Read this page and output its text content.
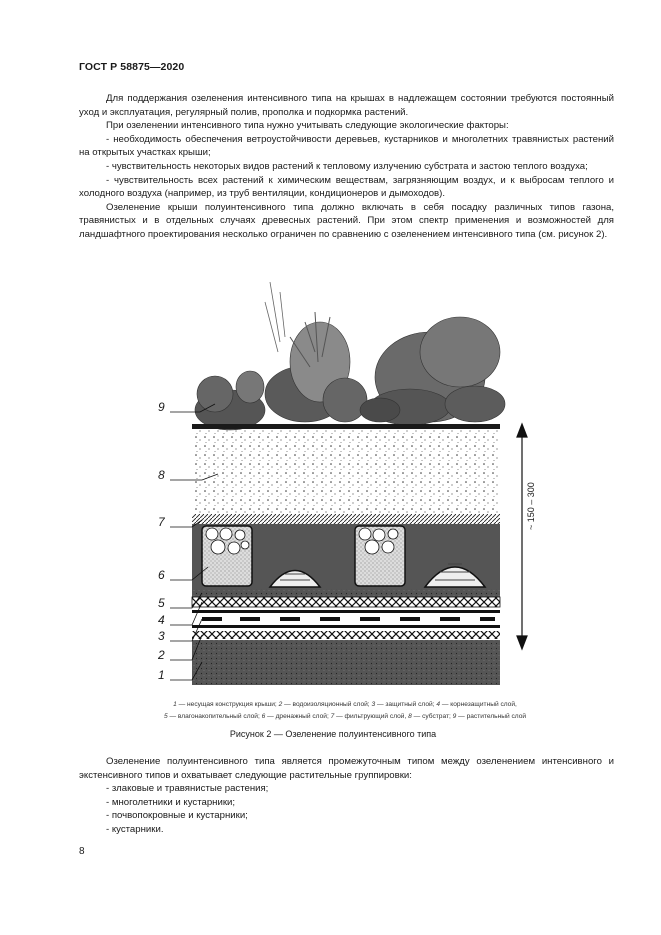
ГОСТ Р 58875—2020

Для поддержания озеленения интенсивного типа на крышах в надлежащем состоянии требуются постоянный уход и эксплуатация, регулярный полив, прополка и подкормка растений.

При озеленении интенсивного типа нужно учитывать следующие экологические факторы:

- необходимость обеспечения ветроустойчивости деревьев, кустарников и многолетних травянистых растений на открытых участках крыши;

- чувствительность некоторых видов растений к тепловому излучению субстрата и застою теплого воздуха;

- чувствительность всех растений к химическим веществам, загрязняющим воздух, и к выбросам теплого и холодного воздуха (например, из труб вентиляции, кондиционеров и дымоходов).

Озеленение крыши полуинтенсивного типа должно включать в себя посадку различных типов газона, травянистых и в отдельных случаях древесных растений. При этом спектр применения и возможностей для ландшафтного проектирования несколько ограничен по сравнению с озеленением интенсивного типа (см. рисунок 2).

9
8
7
6
5
4
3
2
1
~ 150 – 300
1 — несущая конструкция крыши; 2 — водоизоляционный слой; 3 — защитный слой; 4 — корнезащитный слой,
5 — влагонакопительный слой; 6 — дренажный слой; 7 — фильтрующий слой, 8 — субстрат; 9 — растительный слой
Рисунок 2 — Озеленение полуинтенсивного типа

Озеленение полуинтенсивного типа является промежуточным типом между озеленением интенсивного и экстенсивного типов и охватывает следующие растительные группировки:

- злаковые и травянистые растения;
- многолетники и кустарники;
- почвопокровные и кустарники;
- кустарники.
8
